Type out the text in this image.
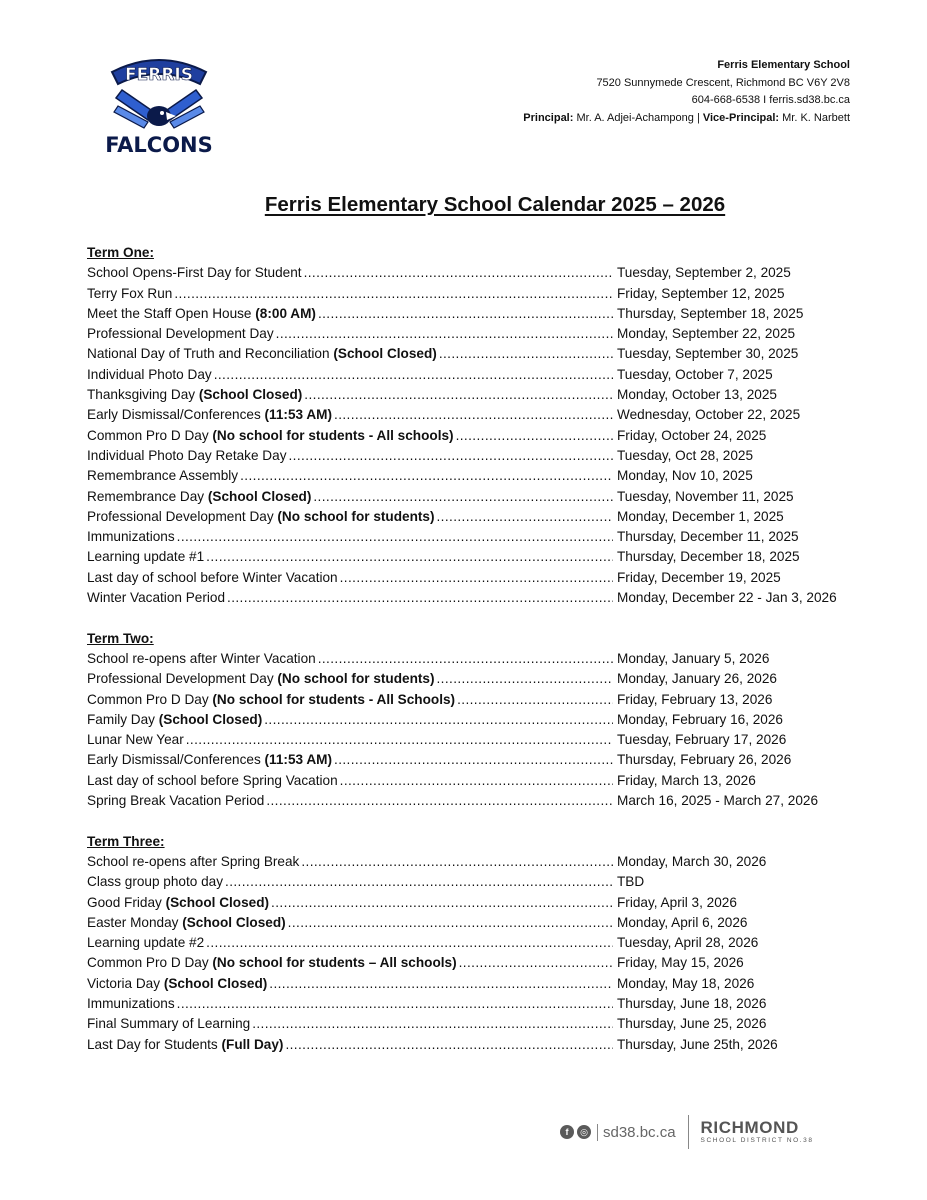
FERRIS
FALCONS
Ferris Elementary School
7520 Sunnymede Crescent, Richmond BC V6Y 2V8
604-668-6538 I ferris.sd38.bc.ca
Principal: Mr. A. Adjei-Achampong | Vice-Principal: Mr. K. Narbett
Ferris Elementary School Calendar 2025 – 2026
Term One:
School Opens-First Day for Student .....	Tuesday, September 2, 2025
Terry Fox Run .....	Friday, September 12, 2025
Meet the Staff Open House (8:00 AM) .....	Thursday, September 18, 2025
Professional Development Day .....	Monday, September 22, 2025
National Day of Truth and Reconciliation (School Closed) .....	Tuesday, September 30, 2025
Individual Photo Day .....	Tuesday, October 7, 2025
Thanksgiving Day (School Closed) .....	Monday, October 13, 2025
Early Dismissal/Conferences (11:53 AM) .....	Wednesday, October 22, 2025
Common Pro D Day (No school for students - All schools) .....	Friday, October 24, 2025
Individual Photo Day Retake Day .....	Tuesday, Oct 28, 2025
Remembrance Assembly .....	Monday, Nov 10, 2025
Remembrance Day (School Closed) .....	Tuesday, November 11, 2025
Professional Development Day (No school for students) .....	Monday, December 1, 2025
Immunizations .....	Thursday, December 11, 2025
Learning update #1 .....	Thursday, December 18, 2025
Last day of school before Winter Vacation .....	Friday, December 19, 2025
Winter Vacation Period .....	Monday, December 22 - Jan 3, 2026
Term Two:
School re-opens after Winter Vacation .....	Monday, January 5, 2026
Professional Development Day (No school for students) .....	Monday, January 26, 2026
Common Pro D Day (No school for students - All Schools) .....	Friday, February 13, 2026
Family Day (School Closed) .....	Monday, February 16, 2026
Lunar New Year .....	Tuesday, February 17, 2026
Early Dismissal/Conferences (11:53 AM) .....	Thursday, February 26, 2026
Last day of school before Spring Vacation .....	Friday, March 13, 2026
Spring Break Vacation Period .....	March 16, 2025 - March 27, 2026
Term Three:
School re-opens after Spring Break .....	Monday, March 30, 2026
Class group photo day .....	TBD
Good Friday (School Closed) .....	Friday, April 3, 2026
Easter Monday (School Closed) .....	Monday, April 6, 2026
Learning update #2 .....	Tuesday, April 28, 2026
Common Pro D Day (No school for students – All schools) .....	Friday, May 15, 2026
Victoria Day (School Closed) .....	Monday, May 18, 2026
Immunizations .....	Thursday, June 18, 2026
Final Summary of Learning .....	Thursday, June 25, 2026
Last Day for Students (Full Day) .....	Thursday, June 25th, 2026
f	◎	sd38.bc.ca RICHMOND
SCHOOL DISTRICT NO.38
